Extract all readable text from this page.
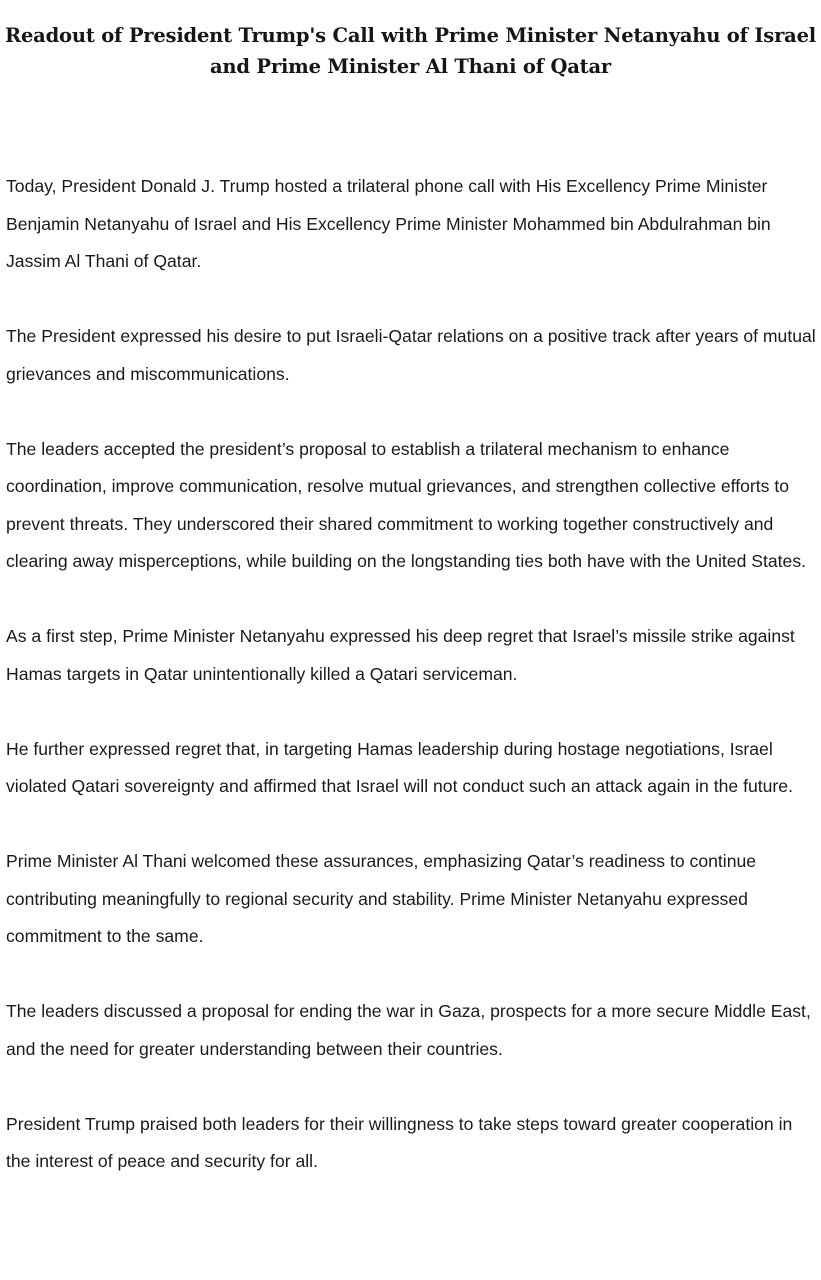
Readout of President Trump's Call with Prime Minister Netanyahu of Israel
and Prime Minister Al Thani of Qatar

Today, President Donald J. Trump hosted a trilateral phone call with His Excellency Prime Minister Benjamin Netanyahu of Israel and His Excellency Prime Minister Mohammed bin Abdulrahman bin Jassim Al Thani of Qatar.

The President expressed his desire to put Israeli-Qatar relations on a positive track after years of mutual grievances and miscommunications.

The leaders accepted the president’s proposal to establish a trilateral mechanism to enhance coordination, improve communication, resolve mutual grievances, and strengthen collective efforts to prevent threats. They underscored their shared commitment to working together constructively and clearing away misperceptions, while building on the longstanding ties both have with the United States.

As a first step, Prime Minister Netanyahu expressed his deep regret that Israel’s missile strike against Hamas targets in Qatar unintentionally killed a Qatari serviceman.

He further expressed regret that, in targeting Hamas leadership during hostage negotiations, Israel violated Qatari sovereignty and affirmed that Israel will not conduct such an attack again in the future.

Prime Minister Al Thani welcomed these assurances, emphasizing Qatar’s readiness to continue contributing meaningfully to regional security and stability. Prime Minister Netanyahu expressed commitment to the same.

The leaders discussed a proposal for ending the war in Gaza, prospects for a more secure Middle East, and the need for greater understanding between their countries.

President Trump praised both leaders for their willingness to take steps toward greater cooperation in the interest of peace and security for all.
